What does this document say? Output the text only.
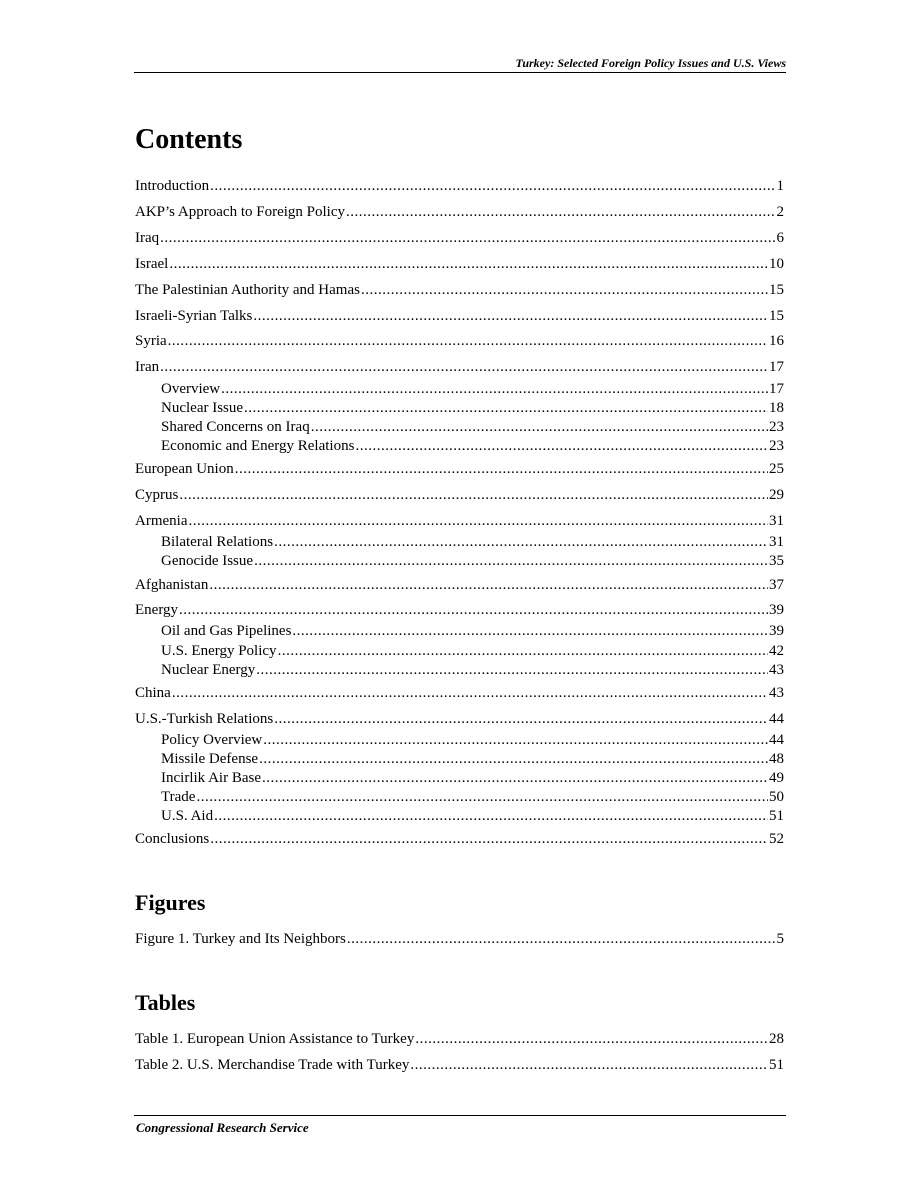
Turkey: Selected Foreign Policy Issues and U.S. Views
Contents
Introduction .....	1
AKP’s Approach to Foreign Policy .....	2
Iraq .....	6
Israel .....	10
The Palestinian Authority and Hamas .....	15
Israeli-Syrian Talks .....	15
Syria .....	16
Iran .....	17
Overview .....	17
Nuclear Issue .....	18
Shared Concerns on Iraq .....	23
Economic and Energy Relations .....	23
European Union .....	25
Cyprus .....	29
Armenia .....	31
Bilateral Relations .....	31
Genocide Issue .....	35
Afghanistan .....	37
Energy .....	39
Oil and Gas Pipelines .....	39
U.S. Energy Policy .....	42
Nuclear Energy .....	43
China .....	43
U.S.-Turkish Relations .....	44
Policy Overview .....	44
Missile Defense .....	48
Incirlik Air Base .....	49
Trade .....	50
U.S. Aid .....	51
Conclusions .....	52
Figures
Figure 1. Turkey and Its Neighbors .....	5
Tables
Table 1. European Union Assistance to Turkey .....	28
Table 2. U.S. Merchandise Trade with Turkey .....	51
Congressional Research Service
